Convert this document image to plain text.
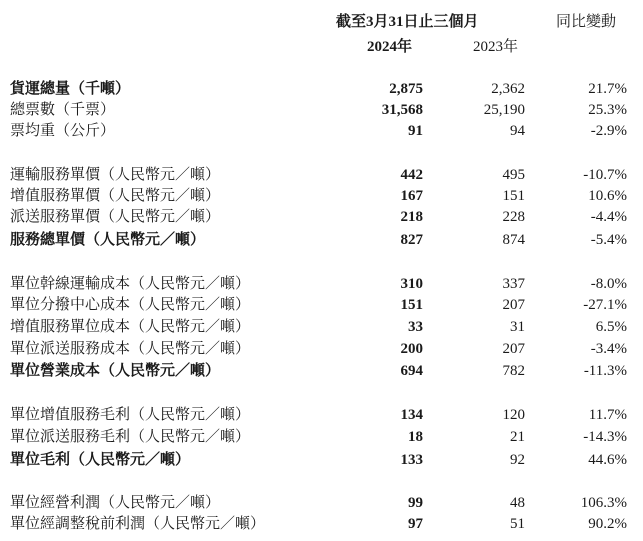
截至3月31日止三個月	同比變動
2024年	2023年
貨運總量（千噸）	2,875	2,362	21.7%
總票數（千票）	31,568	25,190	25.3%
票均重（公斤）	91	94	-2.9%
運輸服務單價（人民幣元／噸）	442	495	-10.7%
增值服務單價（人民幣元／噸）	167	151	10.6%
派送服務單價（人民幣元／噸）	218	228	-4.4%
服務總單價（人民幣元／噸）	827	874	-5.4%
單位幹線運輸成本（人民幣元／噸）	310	337	-8.0%
單位分撥中心成本（人民幣元／噸）	151	207	-27.1%
增值服務單位成本（人民幣元／噸）	33	31	6.5%
單位派送服務成本（人民幣元／噸）	200	207	-3.4%
單位營業成本（人民幣元／噸）	694	782	-11.3%
單位增值服務毛利（人民幣元／噸）	134	120	11.7%
單位派送服務毛利（人民幣元／噸）	18	21	-14.3%
單位毛利（人民幣元／噸）	133	92	44.6%
單位經營利潤（人民幣元／噸）	99	48	106.3%
單位經調整稅前利潤（人民幣元／噸）	97	51	90.2%
